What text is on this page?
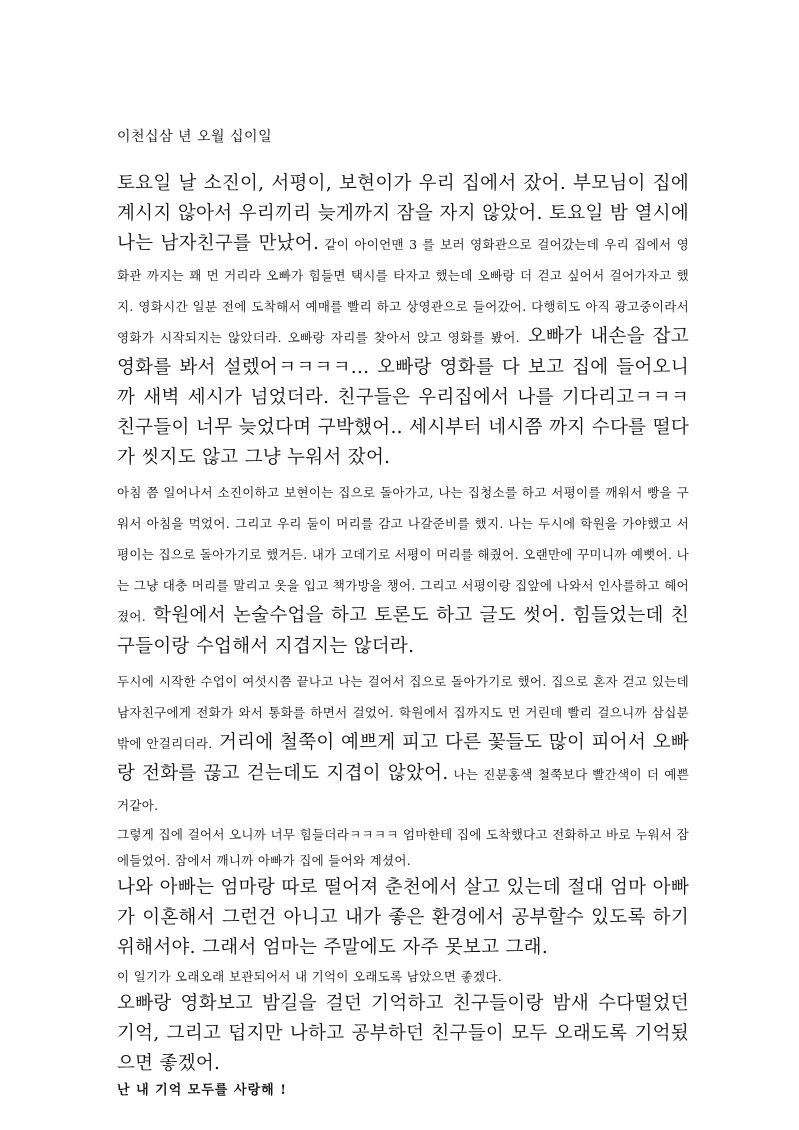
이천십삼 년 오월 십이일

토요일 날 소진이, 서평이, 보현이가 우리 집에서 잤어. 부모님이 집에 계시지 않아서 우리끼리 늦게까지 잠을 자지 않았어. 토요일 밤 열시에 나는 남자친구를 만났어. 같이 아이언맨 3 를 보러 영화관으로 걸어갔는데 우리 집에서 영화관 까지는 꽤 먼 거리라 오빠가 힘들면 택시를 타자고 했는데 오빠랑 더 걷고 싶어서 걸어가자고 했지. 영화시간 일분 전에 도착해서 예매를 빨리 하고 상영관으로 들어갔어. 다행히도 아직 광고중이라서 영화가 시작되지는 않았더라. 오빠랑 자리를 찾아서 앉고 영화를 봤어. 오빠가 내손을 잡고 영화를 봐서 설렜어ㅋㅋㅋㅋ... 오빠랑 영화를 다 보고 집에 들어오니까 새벽 세시가 넘었더라. 친구들은 우리집에서 나를 기다리고ㅋㅋㅋ 친구들이 너무 늦었다며 구박했어.. 세시부터 네시쯤 까지 수다를 떨다가 씻지도 않고 그냥 누워서 잤어.

아침 쯤 일어나서 소진이하고 보현이는 집으로 돌아가고, 나는 집청소를 하고 서평이를 깨워서 빵을 구워서 아침을 먹었어. 그리고 우리 둘이 머리를 감고 나갈준비를 했지. 나는 두시에 학원을 가야했고 서평이는 집으로 돌아가기로 했거든. 내가 고데기로 서평이 머리를 해줬어. 오랜만에 꾸미니까 예뻣어. 나는 그냥 대충 머리를 말리고 옷을 입고 책가방을 챙어. 그리고 서평이랑 집앞에 나와서 인사를하고 헤어졌어. 학원에서 논술수업을 하고 토론도 하고 글도 썻어. 힘들었는데 친구들이랑 수업해서 지겹지는 않더라.

두시에 시작한 수업이 여섯시쯤 끝나고 나는 걸어서 집으로 돌아가기로 했어. 집으로 혼자 걷고 있는데 남자친구에게 전화가 와서 통화를 하면서 걸었어. 학원에서 집까지도 먼 거린데 빨리 걸으니까 삼십분 밖에 안걸리더라. 거리에 철쭉이 예쁘게 피고 다른 꽃들도 많이 피어서 오빠랑 전화를 끊고 걷는데도 지겹이 않았어. 나는 진분홍색 철쭉보다 빨간색이 더 예쁜거같아.

그렇게 집에 걸어서 오니까 너무 힘들더라ㅋㅋㅋㅋ 엄마한테 집에 도착했다고 전화하고 바로 누워서 잠에들었어. 잠에서 깨니까 아빠가 집에 들어와 계셨어.

나와 아빠는 엄마랑 따로 떨어져 춘천에서 살고 있는데 절대 엄마 아빠가 이혼해서 그런건 아니고 내가 좋은 환경에서 공부할수 있도록 하기 위해서야. 그래서 엄마는 주말에도 자주 못보고 그래.

이 일기가 오래오래 보관되어서 내 기억이 오래도록 남았으면 좋겠다.

오빠랑 영화보고 밤길을 걸던 기억하고 친구들이랑 밤새 수다떨었던 기억, 그리고 덥지만 나하고 공부하던 친구들이 모두 오래도록 기억됬으면 좋겠어.

난 내 기억 모두를 사랑해 !
